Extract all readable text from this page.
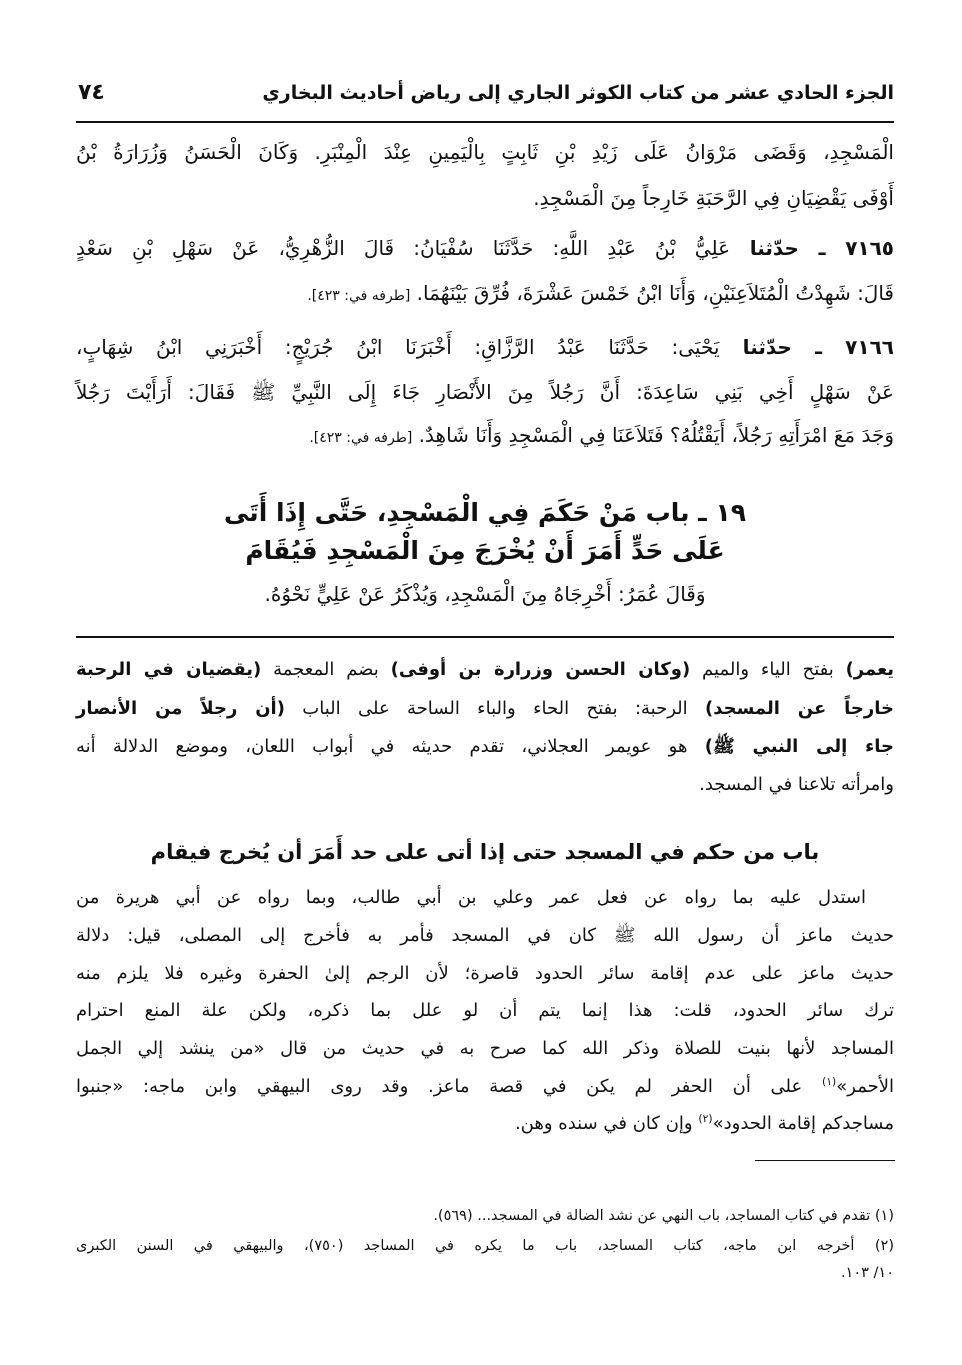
٧٤	الجزء الحادي عشر من كتاب الكوثر الجاري إلى رياض أحاديث البخاري
الْمَسْجِدِ، وَقَضَى مَرْوَانُ عَلَى زَيْدِ بْنِ ثَابِتٍ بِالْيَمِينِ عِنْدَ الْمِنْبَرِ. وَكَانَ الْحَسَنُ وَزُرَارَةُ بْنُ
أَوْفَى يَقْضِيَانِ فِي الرَّحَبَةِ خَارِجاً مِنَ الْمَسْجِدِ.
٧١٦٥ ـ حدّثنا عَلِيُّ بْنُ عَبْدِ اللَّهِ: حَدَّثَنَا سُفْيَانُ: قَالَ الزُّهْرِيُّ، عَنْ سَهْلِ بْنِ سَعْدٍ
قَالَ: شَهِدْتُ الْمُتَلاَعِنَيْنِ، وَأَنَا ابْنُ خَمْسَ عَشْرَةَ، فُرِّقَ بَيْنَهُمَا. [طرفه في: ٤٢٣].
٧١٦٦ ـ حدّثنا يَحْيَى: حَدَّثَنَا عَبْدُ الرَّزَّاقِ: أَخْبَرَنَا ابْنُ جُرَيْجٍ: أَخْبَرَنِي ابْنُ شِهَابٍ،
عَنْ سَهْلٍ أَخِي بَنِي سَاعِدَةَ: أَنَّ رَجُلاً مِنَ الأَنْصَارِ جَاءَ إِلَى النَّبِيِّ ﷺ فَقَالَ: أَرَأَيْتَ رَجُلاً
وَجَدَ مَعَ امْرَأَتِهِ رَجُلاً، أَيَقْتُلُهُ؟ فَتَلاَعَنَا فِي الْمَسْجِدِ وَأَنَا شَاهِدٌ. [طرفه في: ٤٢٣].
١٩ ـ باب مَنْ حَكَمَ فِي الْمَسْجِدِ، حَتَّى إِذَا أَتَى
عَلَى حَدٍّ أَمَرَ أَنْ يُخْرَجَ مِنَ الْمَسْجِدِ فَيُقَامَ
وَقَالَ عُمَرُ: أَخْرِجَاهُ مِنَ الْمَسْجِدِ، وَيُذْكَرُ عَنْ عَلِيٍّ نَحْوُهُ.
يعمر) بفتح الياء والميم (وكان الحسن وزرارة بن أوفى) بضم المعجمة (يقضيان في الرحبة
خارجاً عن المسجد) الرحبة: بفتح الحاء والباء الساحة على الباب (أن رجلاً من الأنصار
جاء إلى النبي ﷺ) هو عويمر العجلاني، تقدم حديثه في أبواب اللعان، وموضع الدلالة أنه
وامرأته تلاعنا في المسجد.
باب من حكم في المسجد حتى إذا أتى على حد أَمَرَ أن يُخرج فيقام
استدل عليه بما رواه عن فعل عمر وعلي بن أبي طالب، وبما رواه عن أبي هريرة من
حديث ماعز أن رسول الله ﷺ كان في المسجد فأمر به فأخرج إلى المصلى، قيل: دلالة
حديث ماعز على عدم إقامة سائر الحدود قاصرة؛ لأن الرجم إلىٰ الحفرة وغيره فلا يلزم منه
ترك سائر الحدود، قلت: هذا إنما يتم أن لو علل بما ذكره، ولكن علة المنع احترام
المساجد لأنها بنيت للصلاة وذكر الله كما صرح به في حديث من قال «من ينشد إلي الجمل
الأحمر»$^{(١)}$ على أن الحفر لم يكن في قصة ماعز. وقد روى البيهقي وابن ماجه: «جنبوا
مساجدكم إقامة الحدود»$^{(٢)}$ وإن كان في سنده وهن.
(١) تقدم في كتاب المساجد، باب النهي عن نشد الضالة في المسجد... (٥٦٩).
(٢) أخرجه ابن ماجه، كتاب المساجد، باب ما يكره في المساجد (٧٥٠)، والبيهقي في السنن الكبرى
١٠/ ١٠٣.
